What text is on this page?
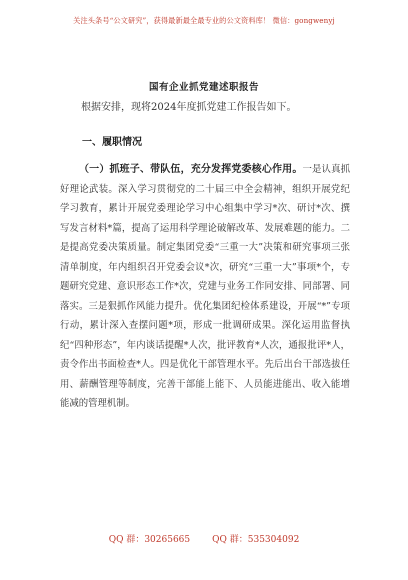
关注头条号“公文研究”，获得最新最全最专业的公文资料库！ 微信：gongwenyj
国有企业抓党建述职报告
根据安排，现将2024年度抓党建工作报告如下。
一、履职情况
（一）抓班子、带队伍，充分发挥党委核心作用。一是认真抓好理论武装。深入学习贯彻党的二十届三中全会精神，组织开展党纪学习教育，累计开展党委理论学习中心组集中学习*次、研讨*次、撰写发言材料*篇，提高了运用科学理论破解改革、发展难题的能力。二是提高党委决策质量。制定集团党委“三重一大”决策和研究事项三张清单制度，年内组织召开党委会议*次，研究“三重一大”事项*个，专题研究党建、意识形态工作*次，党建与业务工作同安排、同部署、同落实。三是狠抓作风能力提升。优化集团纪检体系建设，开展“*”专项行动，累计深入查摆问题*项，形成一批调研成果。深化运用监督执纪“四种形态”，年内谈话提醒*人次，批评教育*人次，通报批评*人，责令作出书面检查*人。四是优化干部管理水平。先后出台干部选拔任用、薪酬管理等制度，完善干部能上能下、人员能进能出、收入能增能减的管理机制。
QQ 群：30265665 QQ 群：535304092
